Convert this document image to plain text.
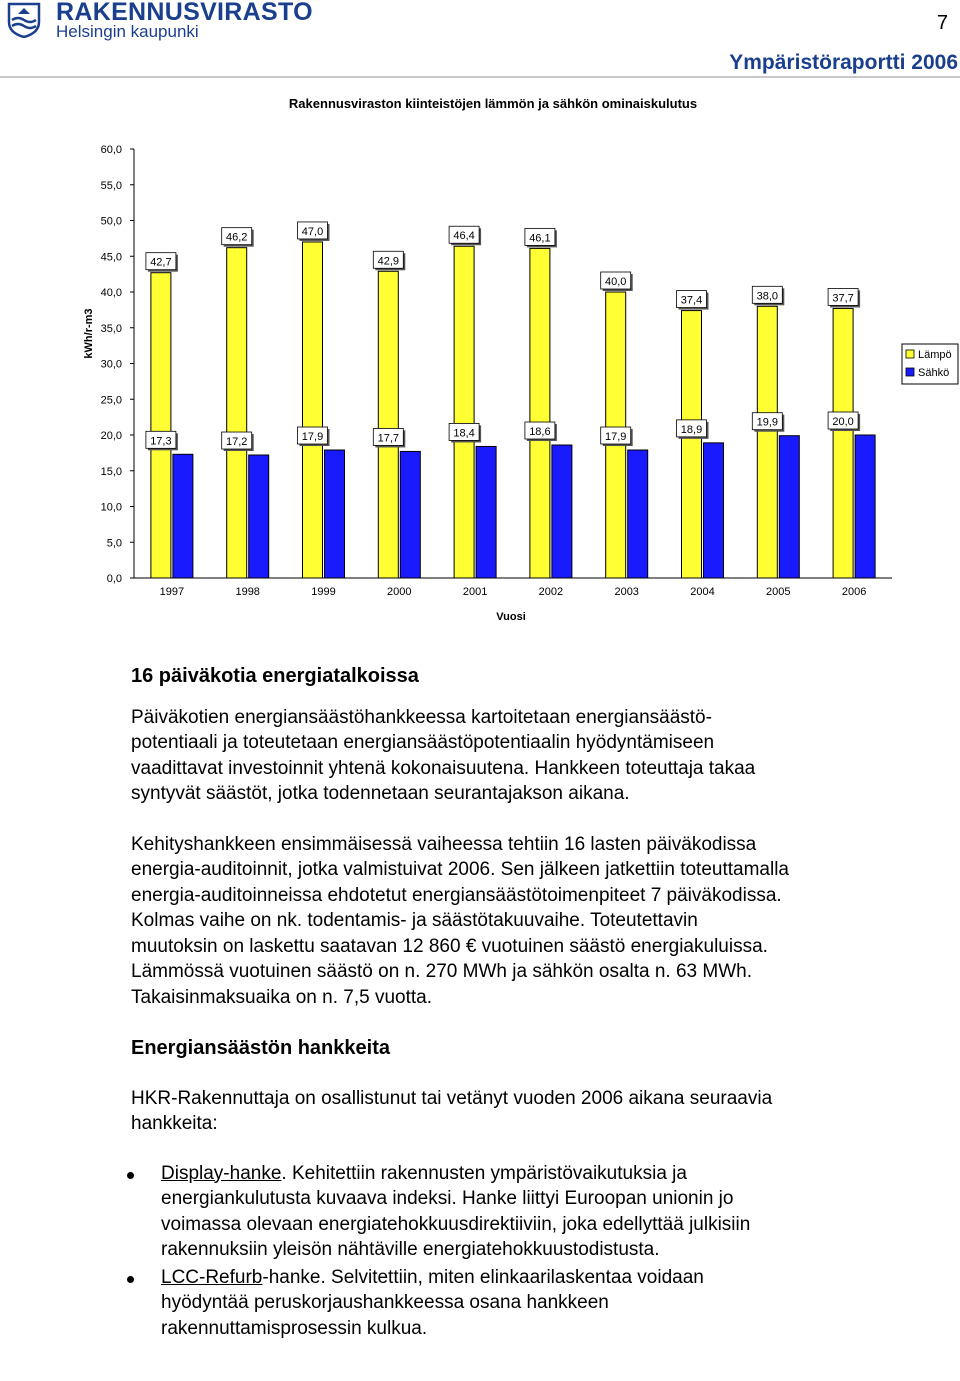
RAKENNUSVIRASTO
Helsingin kaupunki	7
Ympäristöraportti 2006
Rakennusviraston kiinteistöjen lämmön ja sähkön ominaiskulutus
0,0
5,0
10,0
15,0
20,0
25,0
30,0
35,0
40,0
45,0
50,0
55,0
60,0
kWh/r-m3
42,7
17,3
1997
46,2
17,2
1998
47,0
17,9
1999
42,9
17,7
2000
46,4
18,4
2001
46,1
18,6
2002
40,0
17,9
2003
37,4
18,9
2004
38,0
19,9
2005
37,7
20,0
2006
Vuosi
Lämpö
Sähkö

16 päiväkotia energiatalkoissa

Päiväkotien energiansäästöhankkeessa kartoitetaan energiansäästö-
potentiaali ja toteutetaan energiansäästöpotentiaalin hyödyntämiseen
vaadittavat investoinnit yhtenä kokonaisuutena. Hankkeen toteuttaja takaa
syntyvät säästöt, jotka todennetaan seurantajakson aikana.

Kehityshankkeen ensimmäisessä vaiheessa tehtiin 16 lasten päiväkodissa
energia-auditoinnit, jotka valmistuivat 2006. Sen jälkeen jatkettiin toteuttamalla
energia-auditoinneissa ehdotetut energiansäästötoimenpiteet 7 päiväkodissa.
Kolmas vaihe on nk. todentamis- ja säästötakuuvaihe. Toteutettavin
muutoksin on laskettu saatavan 12 860 € vuotuinen säästö energiakuluissa.
Lämmössä vuotuinen säästö on n. 270 MWh ja sähkön osalta n. 63 MWh.
Takaisinmaksuaika on n. 7,5 vuotta.

Energiansäästön hankkeita

HKR-Rakennuttaja on osallistunut tai vetänyt vuoden 2006 aikana seuraavia
hankkeita:

Display-hanke. Kehitettiin rakennusten ympäristövaikutuksia ja
energiankulutusta kuvaava indeksi. Hanke liittyi Euroopan unionin jo
voimassa olevaan energiatehokkuusdirektiiviin, joka edellyttää julkisiin
rakennuksiin yleisön nähtäville energiatehokkuustodistusta.
LCC-Refurb-hanke. Selvitettiin, miten elinkaarilaskentaa voidaan
hyödyntää peruskorjaushankkeessa osana hankkeen
rakennuttamisprosessin kulkua.
